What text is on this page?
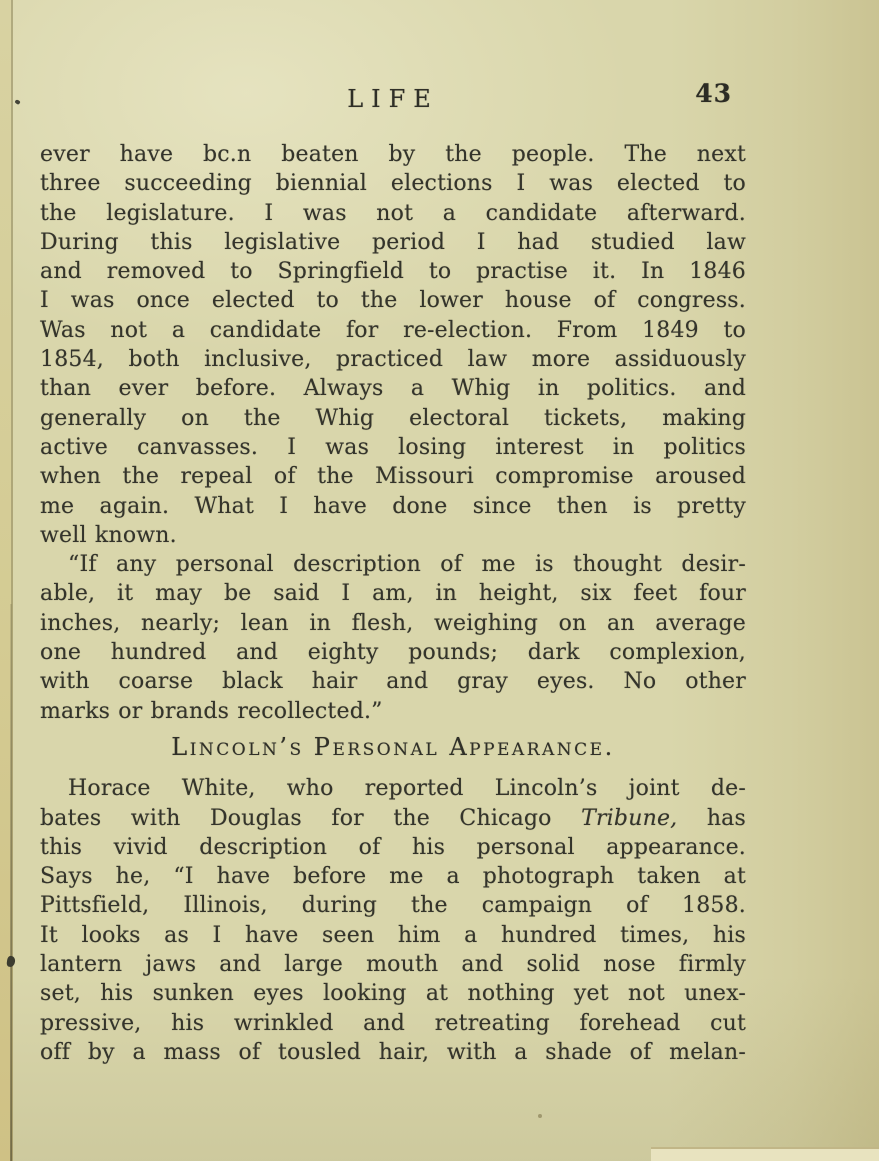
LIFE	43
ever have bc.n beaten by the people. The next
three succeeding biennial elections I was elected to
the legislature. I was not a candidate afterward.
During this legislative period I had studied law
and removed to Springfield to practise it. In 1846
I was once elected to the lower house of congress.
Was not a candidate for re-election. From 1849 to
1854, both inclusive, practiced law more assiduously
than ever before. Always a Whig in politics. and
generally on the Whig electoral tickets, making
active canvasses. I was losing interest in politics
when the repeal of the Missouri compromise aroused
me again. What I have done since then is pretty
well known.
“If any personal description of me is thought desir-
able, it may be said I am, in height, six feet four
inches, nearly; lean in flesh, weighing on an average
one hundred and eighty pounds; dark complexion,
with coarse black hair and gray eyes. No other
marks or brands recollected.”
Lincoln’s Personal Appearance.
Horace White, who reported Lincoln’s joint de-
bates with Douglas for the Chicago Tribune, has
this vivid description of his personal appearance.
Says he, “I have before me a photograph taken at
Pittsfield, Illinois, during the campaign of 1858.
It looks as I have seen him a hundred times, his
lantern jaws and large mouth and solid nose firmly
set, his sunken eyes looking at nothing yet not unex-
pressive, his wrinkled and retreating forehead cut
off by a mass of tousled hair, with a shade of melan-
